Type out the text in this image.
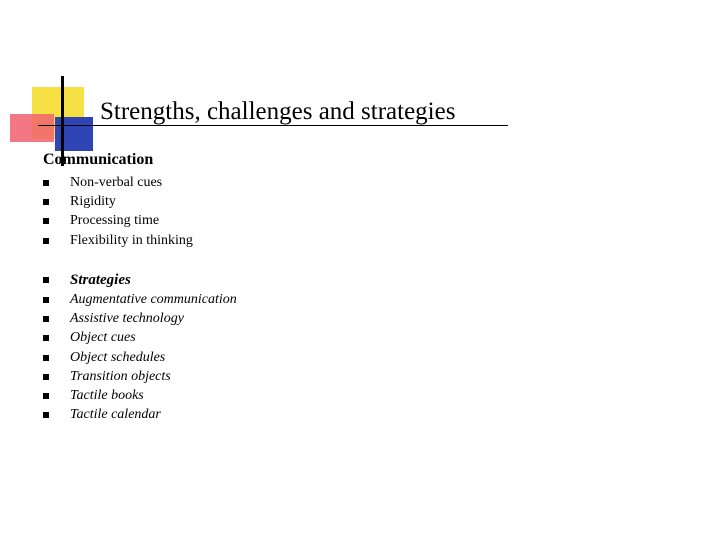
Strengths, challenges and strategies
Communication
Non-verbal cues
Rigidity
Processing time
Flexibility in thinking
Strategies
Augmentative communication
Assistive technology
Object cues
Object schedules
Transition objects
Tactile books
Tactile calendar
